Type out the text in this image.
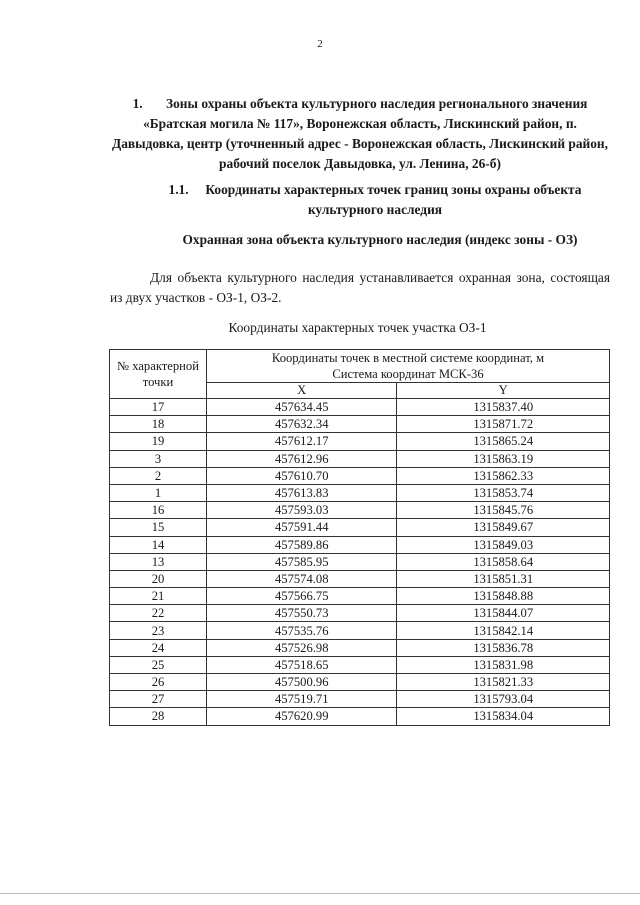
2
1. Зоны охраны объекта культурного наследия регионального значения «Братская могила № 117», Воронежская область, Лискинский район, п. Давыдовка, центр (уточненный адрес - Воронежская область, Лискинский район, рабочий поселок Давыдовка, ул. Ленина, 26-б)
1.1. Координаты характерных точек границ зоны охраны объекта культурного наследия
Охранная зона объекта культурного наследия (индекс зоны - ОЗ)
Для объекта культурного наследия устанавливается охранная зона, состоящая из двух участков - ОЗ-1, ОЗ-2.
Координаты характерных точек участка ОЗ-1
№ характерной точки	Координаты точек в местной системе координат, м
Система координат МСК-36	
	X	Y
17	457634.45	1315837.40
18	457632.34	1315871.72
19	457612.17	1315865.24
3	457612.96	1315863.19
2	457610.70	1315862.33
1	457613.83	1315853.74
16	457593.03	1315845.76
15	457591.44	1315849.67
14	457589.86	1315849.03
13	457585.95	1315858.64
20	457574.08	1315851.31
21	457566.75	1315848.88
22	457550.73	1315844.07
23	457535.76	1315842.14
24	457526.98	1315836.78
25	457518.65	1315831.98
26	457500.96	1315821.33
27	457519.71	1315793.04
28	457620.99	1315834.04
